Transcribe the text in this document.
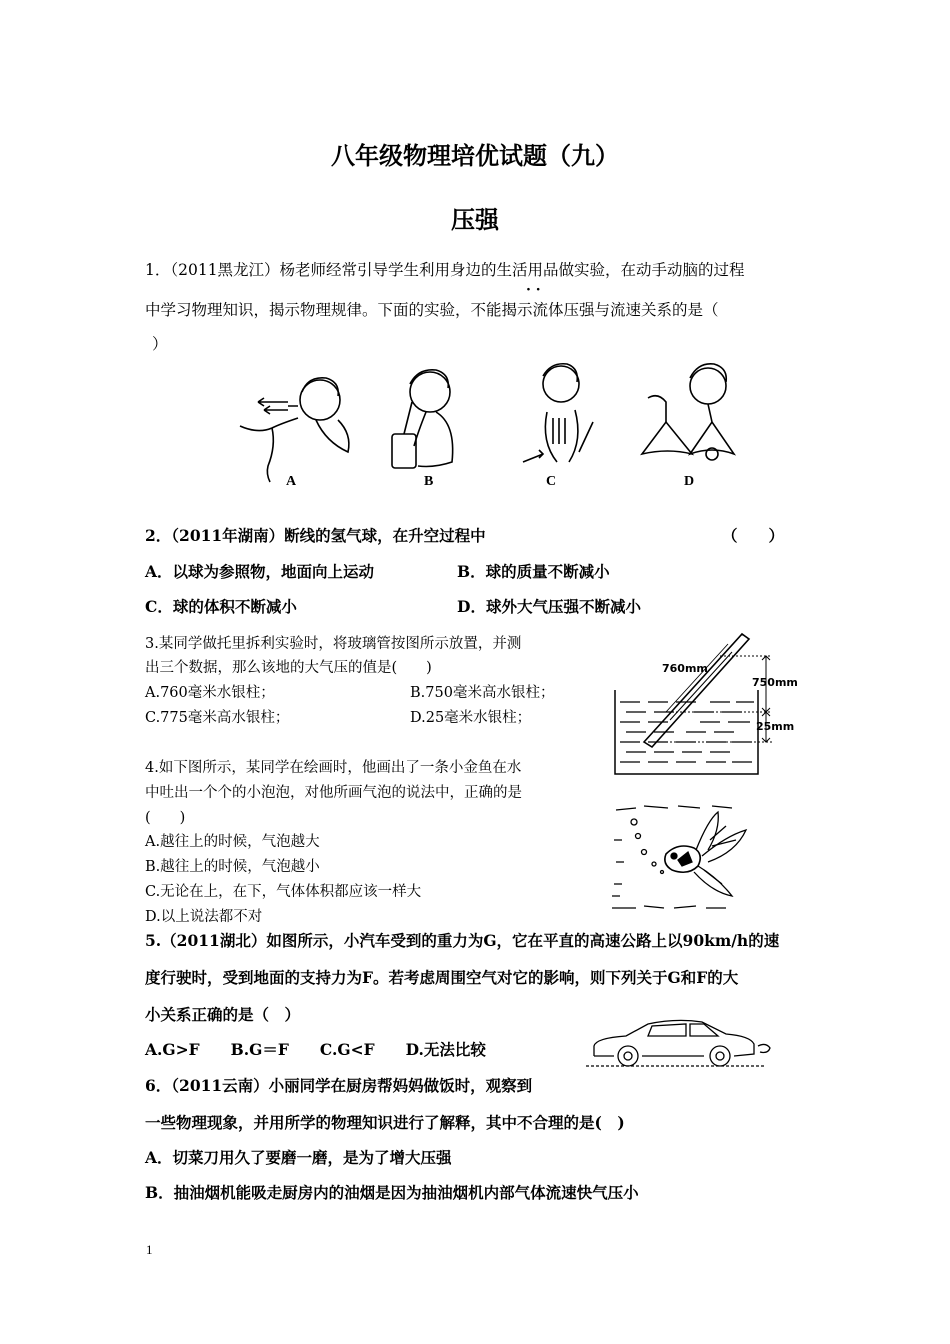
八年级物理培优试题（九）
压强
1．（2011黑龙江）杨老师经常引导学生利用身边的生活用品做实验，在动手动脑的过程
· ·
中学习物理知识，揭示物理规律。下面的实验，不能揭示流体压强与流速关系的是（
）
A	B	C	D
2．（2011年湖南）断线的氢气球，在升空过程中	（　　）
A．以球为参照物，地面向上运动	B．球的质量不断减小
C．球的体积不断减小	D．球外大气压强不断减小
3.某同学做托里拆利实验时，将玻璃管按图所示放置，并测
出三个数据，那么该地的大气压的值是(　　)
A.760毫米水银柱；	B.750毫米高水银柱；
C.775毫米高水银柱；	D.25毫米水银柱；
760mm
750mm
25mm
4.如下图所示，某同学在绘画时，他画出了一条小金鱼在水
中吐出一个个的小泡泡，对他所画气泡的说法中，正确的是
(　　)
A.越往上的时候，气泡越大
B.越往上的时候，气泡越小
C.无论在上，在下，气体体积都应该一样大
D.以上说法都不对
5.（2011湖北）如图所示，小汽车受到的重力为G，它在平直的高速公路上以90km/h的速
度行驶时，受到地面的支持力为F。若考虑周围空气对它的影响，则下列关于G和F的大
小关系正确的是（　）
A.G>F　　B.G＝F　　C.G<F　　D.无法比较
6．（2011云南）小丽同学在厨房帮妈妈做饭时，观察到
一些物理现象，并用所学的物理知识进行了解释，其中不合理的是(　)
A．切菜刀用久了要磨一磨，是为了增大压强
B．抽油烟机能吸走厨房内的油烟是因为抽油烟机内部气体流速快气压小
1
